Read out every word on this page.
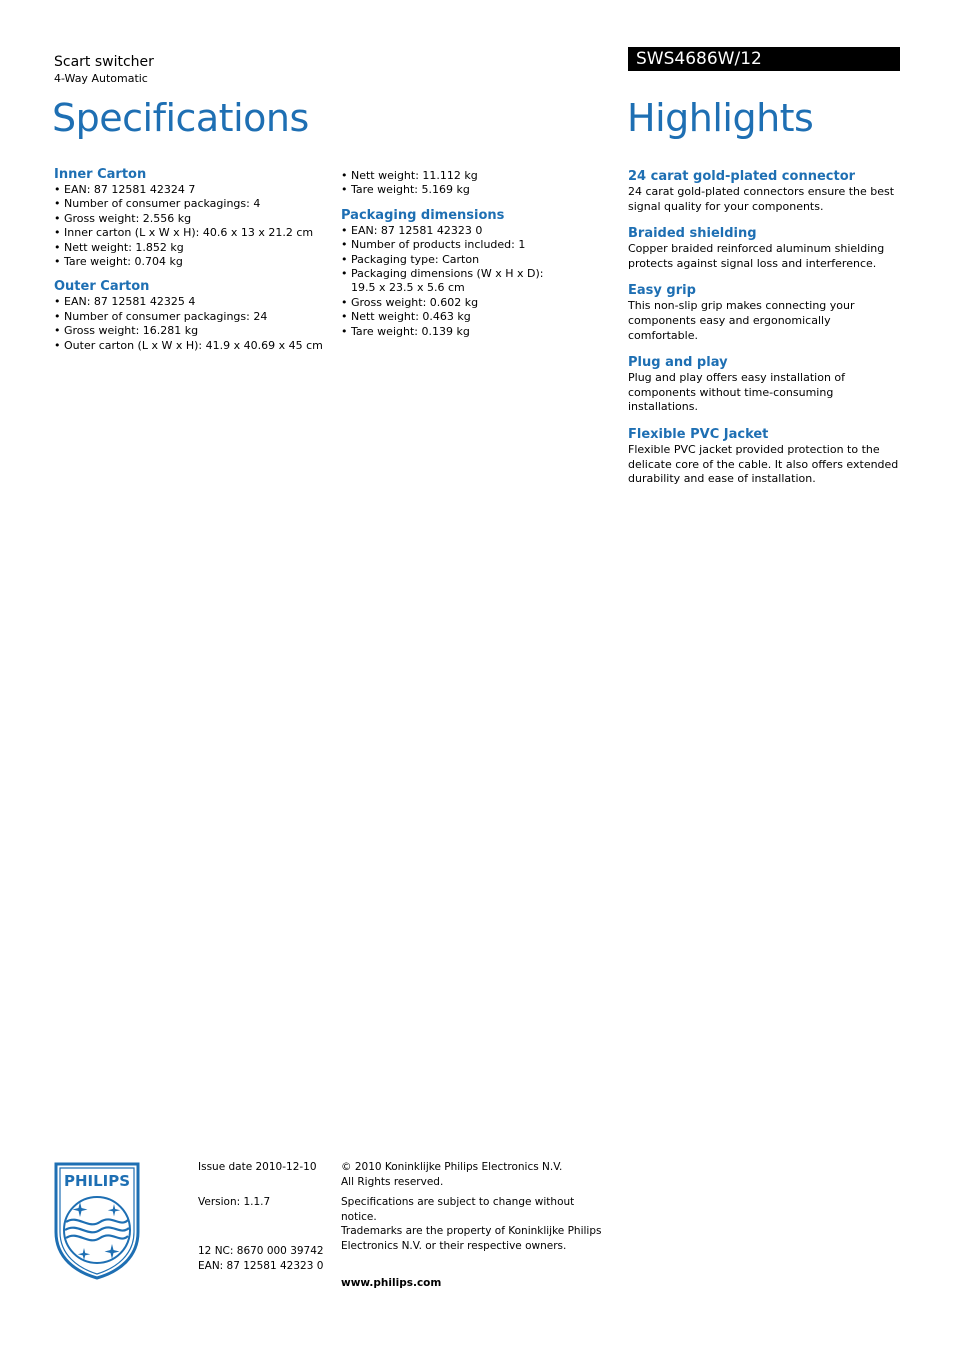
Scart switcher
4-Way Automatic
Specifications
SWS4686W/12
Highlights
Inner Carton
• EAN: 87 12581 42324 7
• Number of consumer packagings: 4
• Gross weight: 2.556 kg
• Inner carton (L x W x H): 40.6 x 13 x 21.2 cm
• Nett weight: 1.852 kg
• Tare weight: 0.704 kg
Outer Carton
• EAN: 87 12581 42325 4
• Number of consumer packagings: 24
• Gross weight: 16.281 kg
• Outer carton (L x W x H): 41.9 x 40.69 x 45 cm
• Nett weight: 11.112 kg
• Tare weight: 5.169 kg
Packaging dimensions
• EAN: 87 12581 42323 0
• Number of products included: 1
• Packaging type: Carton
• Packaging dimensions (W x H x D): 19.5 x 23.5 x 5.6 cm
• Gross weight: 0.602 kg
• Nett weight: 0.463 kg
• Tare weight: 0.139 kg
24 carat gold-plated connector

24 carat gold-plated connectors ensure the best signal quality for your components.

Braided shielding

Copper braided reinforced aluminum shielding protects against signal loss and interference.

Easy grip

This non-slip grip makes connecting your components easy and ergonomically comfortable.

Plug and play

Plug and play offers easy installation of components without time-consuming installations.

Flexible PVC Jacket

Flexible PVC jacket provided protection to the delicate core of the cable. It also offers extended durability and ease of installation.

PHILIPS
Issue date 2010-12-10
Version: 1.1.7
12 NC: 8670 000 39742
EAN: 87 12581 42323 0
© 2010 Koninklijke Philips Electronics N.V.
All Rights reserved.
Specifications are subject to change without notice.
Trademarks are the property of Koninklijke Philips
Electronics N.V. or their respective owners.
www.philips.com
